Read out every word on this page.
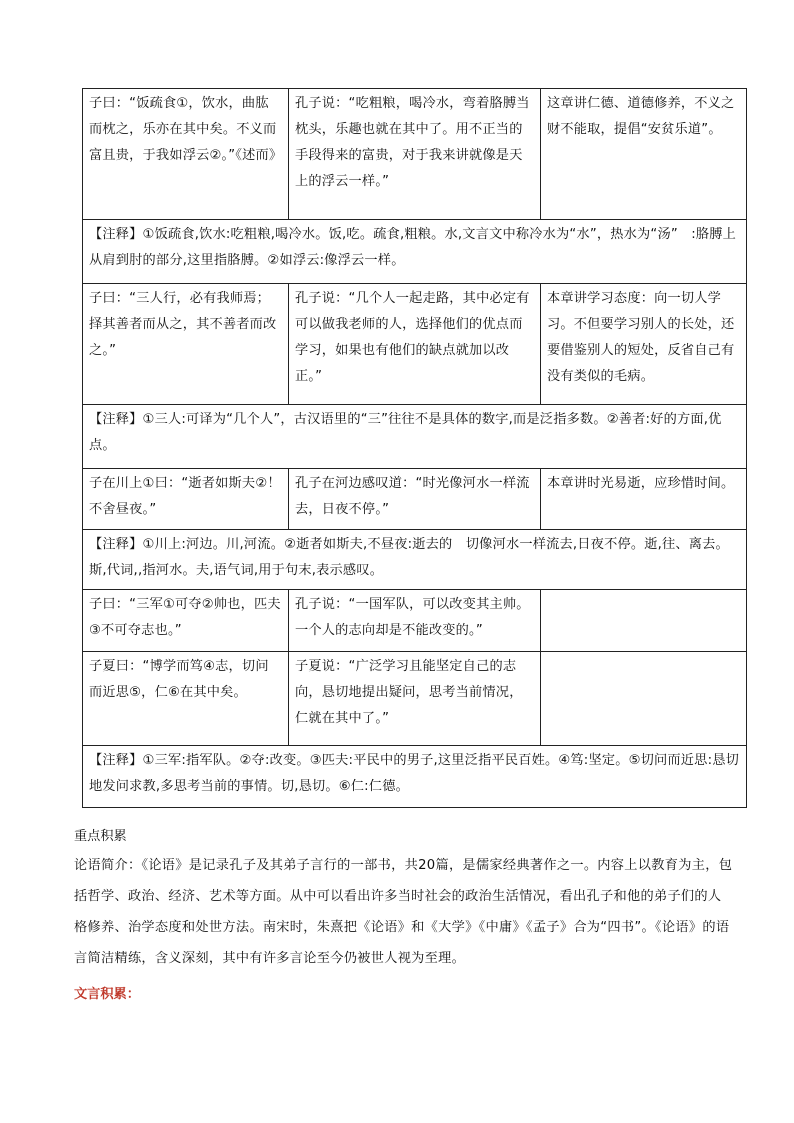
子曰：“饭疏食①，饮水，曲肱而枕之，乐亦在其中矣。不义而富且贵，于我如浮云②。”《述而》	孔子说：“吃粗粮，喝冷水，弯着胳膊当枕头，乐趣也就在其中了。用不正当的手段得来的富贵，对于我来讲就像是天上的浮云一样。”	这章讲仁德、道德修养，不义之财不能取，提倡“安贫乐道”。
【注释】①饭疏食,饮水:吃粗粮,喝冷水。饭,吃。疏食,粗粮。水,文言文中称冷水为“水”，热水为“汤”　:胳膊上从肩到肘的部分,这里指胳膊。②如浮云:像浮云一样。		
子曰：“三人行，必有我师焉；择其善者而从之，其不善者而改之。”	孔子说：“几个人一起走路，其中必定有可以做我老师的人，选择他们的优点而学习，如果也有他们的缺点就加以改正。”	本章讲学习态度：向一切人学习。不但要学习别人的长处，还要借鉴别人的短处，反省自己有没有类似的毛病。
【注释】①三人:可译为“几个人”，古汉语里的“三”往往不是具体的数字,而是泛指多数。②善者:好的方面,优点。		
子在川上①曰：“逝者如斯夫②！不舍昼夜。”	孔子在河边感叹道：“时光像河水一样流去，日夜不停。”	本章讲时光易逝，应珍惜时间。
【注释】①川上:河边。川,河流。②逝者如斯夫,不昼夜:逝去的　切像河水一样流去,日夜不停。逝,往、离去。斯,代词,,指河水。夫,语气词,用于句末,表示感叹。		
子曰：“三军①可夺②帅也，匹夫③不可夺志也。”	孔子说：“一国军队，可以改变其主帅。一个人的志向却是不能改变的。”	
子夏曰：“博学而笃④志，切问而近思⑤，仁⑥在其中矣。	子夏说：“广泛学习且能坚定自己的志向，恳切地提出疑问，思考当前情况，仁就在其中了。”	
【注释】①三军:指军队。②夺:改变。③匹夫:平民中的男子,这里泛指平民百姓。④笃:坚定。⑤切问而近思:恳切地发问求教,多思考当前的事情。切,恳切。⑥仁:仁德。		
重点积累
论语简介：《论语》是记录孔子及其弟子言行的一部书，共20篇，是儒家经典著作之一。内容上以教育为主，包括哲学、政治、经济、艺术等方面。从中可以看出许多当时社会的政治生活情况，看出孔子和他的弟子们的人格修养、治学态度和处世方法。南宋时，朱熹把《论语》和《大学》《中庸》《孟子》合为“四书”。《论语》的语言简洁精练，含义深刻，其中有许多言论至今仍被世人视为至理。
文言积累：
